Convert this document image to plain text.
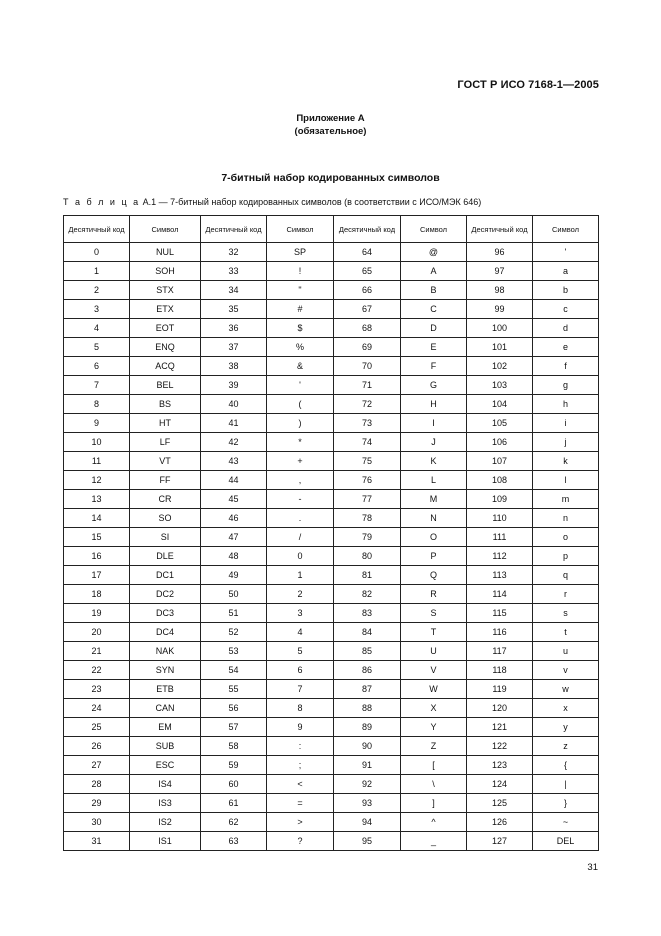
ГОСТ Р ИСО 7168-1—2005
Приложение А
(обязательное)
7-битный набор кодированных символов
Т а б л и ц а А.1 — 7-битный набор кодированных символов (в соответствии с ИСО/МЭК 646)
Десятичный код	Символ	Десятичный код	Символ	Десятичный код	Символ	Десятичный код	Символ
0	NUL	32	SP	64	@	96	'
1	SOH	33	!	65	A	97	a
2	STX	34	"	66	B	98	b
3	ETX	35	#	67	C	99	c
4	EOT	36	$	68	D	100	d
5	ENQ	37	%	69	E	101	e
6	ACQ	38	&	70	F	102	f
7	BEL	39	'	71	G	103	g
8	BS	40	(	72	H	104	h
9	HT	41	)	73	I	105	i
10	LF	42	*	74	J	106	j
11	VT	43	+	75	K	107	k
12	FF	44	,	76	L	108	l
13	CR	45	-	77	M	109	m
14	SO	46	.	78	N	110	n
15	SI	47	/	79	O	111	o
16	DLE	48	0	80	P	112	p
17	DC1	49	1	81	Q	113	q
18	DC2	50	2	82	R	114	r
19	DC3	51	3	83	S	115	s
20	DC4	52	4	84	T	116	t
21	NAK	53	5	85	U	117	u
22	SYN	54	6	86	V	118	v
23	ETB	55	7	87	W	119	w
24	CAN	56	8	88	X	120	x
25	EM	57	9	89	Y	121	y
26	SUB	58	:	90	Z	122	z
27	ESC	59	;	91	[	123	{
28	IS4	60	<	92	\	124	|
29	IS3	61	=	93	]	125	}
30	IS2	62	>	94	^	126	~
31	IS1	63	?	95	_	127	DEL
31
